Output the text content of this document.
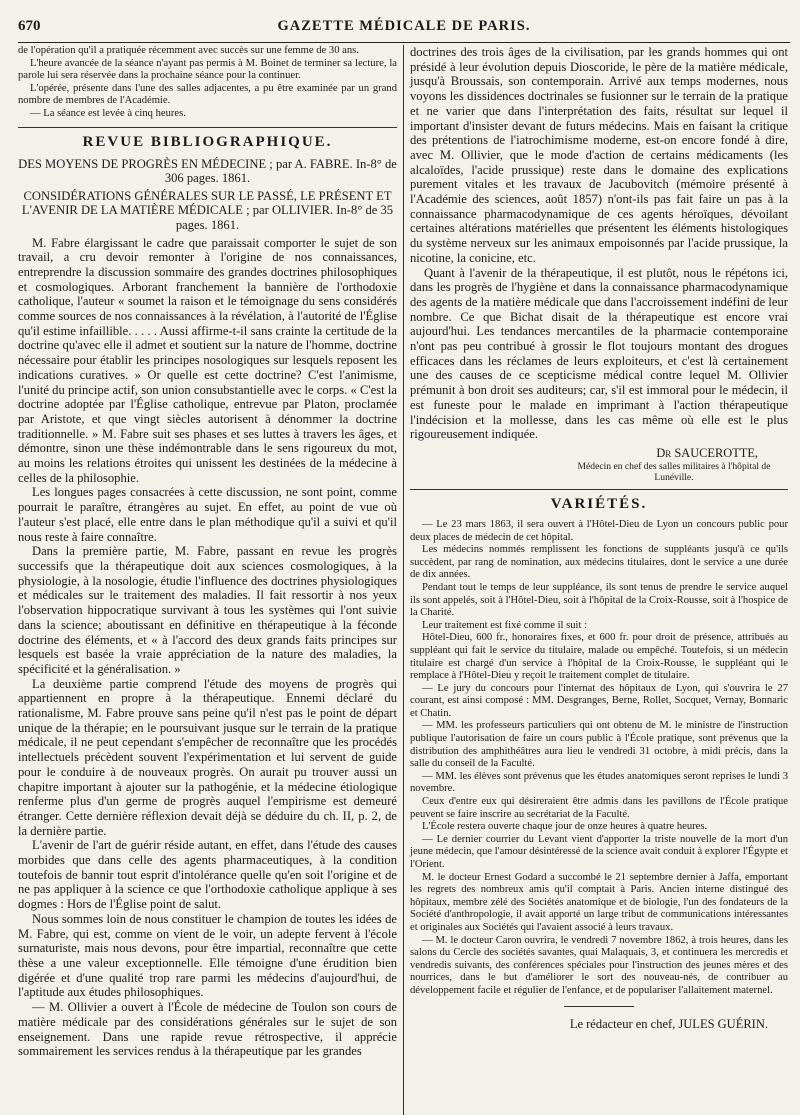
670	GAZETTE MÉDICALE DE PARIS.

de l'opération qu'il a pratiquée récemment avec succès sur une femme de 30 ans.

L'heure avancée de la séance n'ayant pas permis à M. Boinet de terminer sa lecture, la parole lui sera réservée dans la prochaine séance pour la continuer.

L'opérée, présente dans l'une des salles adjacentes, a pu être examinée par un grand nombre de membres de l'Académie.

— La séance est levée à cinq heures.

REVUE BIBLIOGRAPHIQUE.
DES MOYENS DE PROGRÈS EN MÉDECINE ; par A. FABRE. In-8° de 306 pages. 1861.
CONSIDÉRATIONS GÉNÉRALES SUR LE PASSÉ, LE PRÉSENT ET L'AVENIR DE LA MATIÈRE MÉDICALE ; par OLLIVIER. In-8° de 35 pages. 1861.

M. Fabre élargissant le cadre que paraissait comporter le sujet de son travail, a cru devoir remonter à l'origine de nos connaissances, entreprendre la discussion sommaire des grandes doctrines philosophiques et cosmologiques. Arborant franchement la bannière de l'orthodoxie catholique, l'auteur « soumet la raison et le témoignage du sens considérés comme sources de nos connaissances à la révélation, à l'autorité de l'Église qu'il estime infaillible. . . . . Aussi affirme-t-il sans crainte la certitude de la doctrine qu'avec elle il admet et soutient sur la nature de l'homme, doctrine nécessaire pour établir les principes nosologiques sur lesquels reposent les indications curatives. » Or quelle est cette doctrine? C'est l'animisme, l'unité du principe actif, son union consubstantielle avec le corps. « C'est la doctrine adoptée par l'Église catholique, entrevue par Platon, proclamée par Aristote, et que vingt siècles autorisent à dénommer la doctrine traditionnelle. » M. Fabre suit ses phases et ses luttes à travers les âges, et démontre, sinon une thèse indémontrable dans le sens rigoureux du mot, au moins les relations étroites qui unissent les destinées de la médecine à celles de la philosophie.

Les longues pages consacrées à cette discussion, ne sont point, comme pourrait le paraître, étrangères au sujet. En effet, au point de vue où l'auteur s'est placé, elle entre dans le plan méthodique qu'il a suivi et qu'il nous reste à faire connaître.

Dans la première partie, M. Fabre, passant en revue les progrès successifs que la thérapeutique doit aux sciences cosmologiques, à la physiologie, à la nosologie, étudie l'influence des doctrines physiologiques et médicales sur le traitement des maladies. Il fait ressortir à nos yeux l'observation hippocratique survivant à tous les systèmes qui l'ont suivie dans la science; aboutissant en définitive en thérapeutique à la féconde doctrine des éléments, et « à l'accord des deux grands faits principes sur lesquels est basée la vraie appréciation de la nature des maladies, la spécificité et la généralisation. »

La deuxième partie comprend l'étude des moyens de progrès qui appartiennent en propre à la thérapeutique. Ennemi déclaré du rationalisme, M. Fabre prouve sans peine qu'il n'est pas le point de départ unique de la thérapie; en le poursuivant jusque sur le terrain de la pratique médicale, il ne peut cependant s'empêcher de reconnaître que les procédés intellectuels précèdent souvent l'expérimentation et lui servent de guide pour le conduire à de nouveaux progrès. On aurait pu trouver aussi un chapitre important à ajouter sur la pathogénie, et la médecine étiologique renferme plus d'un germe de progrès auquel l'empirisme est demeuré étranger. Cette dernière réflexion devait déjà se déduire du ch. II, p. 2, de la dernière partie.

L'avenir de l'art de guérir réside autant, en effet, dans l'étude des causes morbides que dans celle des agents pharmaceutiques, à la condition toutefois de bannir tout esprit d'intolérance quelle qu'en soit l'origine et de ne pas appliquer à la science ce que l'orthodoxie catholique applique à ses dogmes : Hors de l'Église point de salut.

Nous sommes loin de nous constituer le champion de toutes les idées de M. Fabre, qui est, comme on vient de le voir, un adepte fervent à l'école surnaturiste, mais nous devons, pour être impartial, reconnaître que cette thèse a une valeur exceptionnelle. Elle témoigne d'une érudition bien digérée et d'une qualité trop rare parmi les médecins d'aujourd'hui, de l'aptitude aux études philosophiques.

— M. Ollivier a ouvert à l'École de médecine de Toulon son cours de matière médicale par des considérations générales sur le sujet de son enseignement. Dans une rapide revue rétrospective, il apprécie sommairement les services rendus à la thérapeutique par les grandes

doctrines des trois âges de la civilisation, par les grands hommes qui ont présidé à leur évolution depuis Dioscoride, le père de la matière médicale, jusqu'à Broussais, son contemporain. Arrivé aux temps modernes, nous voyons les dissidences doctrinales se fusionner sur le terrain de la pratique et ne varier que dans l'interprétation des faits, résultat sur lequel il important d'insister devant de futurs médecins. Mais en faisant la critique des prétentions de l'iatrochimisme moderne, est-on encore fondé à dire, avec M. Ollivier, que le mode d'action de certains médicaments (les alcaloïdes, l'acide prussique) reste dans le domaine des explications purement vitales et les travaux de Jacubovitch (mémoire présenté à l'Académie des sciences, août 1857) n'ont-ils pas fait faire un pas à la connaissance pharmacodynamique de ces agents héroïques, dévoilant certaines altérations matérielles que présentent les éléments histologiques du système nerveux sur les animaux empoisonnés par l'acide prussique, la nicotine, la conicine, etc.

Quant à l'avenir de la thérapeutique, il est plutôt, nous le répétons ici, dans les progrès de l'hygiène et dans la connaissance pharmacodynamique des agents de la matière médicale que dans l'accroissement indéfini de leur nombre. Ce que Bichat disait de la thérapeutique est encore vrai aujourd'hui. Les tendances mercantiles de la pharmacie contemporaine n'ont pas peu contribué à grossir le flot toujours montant des drogues efficaces dans les réclames de leurs exploiteurs, et c'est là certainement une des causes de ce scepticisme médical contre lequel M. Ollivier prémunit à bon droit ses auditeurs; car, s'il est immoral pour le médecin, il est funeste pour le malade en imprimant à l'action thérapeutique l'indécision et la mollesse, dans les cas même où elle est le plus rigoureusement indiquée.

Dr SAUCEROTTE,
Médecin en chef des salles militaires à l'hôpital de Lunéville.
VARIÉTÉS.

— Le 23 mars 1863, il sera ouvert à l'Hôtel-Dieu de Lyon un concours public pour deux places de médecin de cet hôpital.

Les médecins nommés remplissent les fonctions de suppléants jusqu'à ce qu'ils succèdent, par rang de nomination, aux médecins titulaires, dont le service a une durée de dix années.

Pendant tout le temps de leur suppléance, ils sont tenus de prendre le service auquel ils sont appelés, soit à l'Hôtel-Dieu, soit à l'hôpital de la Croix-Rousse, soit à l'hospice de la Charité.

Leur traitement est fixé comme il suit :

Hôtel-Dieu, 600 fr., honoraires fixes, et 600 fr. pour droit de présence, attribués au suppléant qui fait le service du titulaire, malade ou empêché. Toutefois, si un médecin titulaire est chargé d'un service à l'hôpital de la Croix-Rousse, le suppléant qui le remplace à l'Hôtel-Dieu y reçoit le traitement complet de titulaire.

— Le jury du concours pour l'internat des hôpitaux de Lyon, qui s'ouvrira le 27 courant, est ainsi composé : MM. Desgranges, Berne, Rollet, Socquet, Vernay, Bonnaric et Chatin.

— MM. les professeurs particuliers qui ont obtenu de M. le ministre de l'instruction publique l'autorisation de faire un cours public à l'École pratique, sont prévenus que la distribution des amphithéâtres aura lieu le vendredi 31 octobre, à midi précis, dans la salle du conseil de la Faculté.

— MM. les élèves sont prévenus que les études anatomiques seront reprises le lundi 3 novembre.

Ceux d'entre eux qui désireraient être admis dans les pavillons de l'École pratique peuvent se faire inscrire au secrétariat de la Faculté.

L'École restera ouverte chaque jour de onze heures à quatre heures.

— Le dernier courrier du Levant vient d'apporter la triste nouvelle de la mort d'un jeune médecin, que l'amour désintéressé de la science avait conduit à explorer l'Égypte et l'Orient.

M. le docteur Ernest Godard a succombé le 21 septembre dernier à Jaffa, emportant les regrets des nombreux amis qu'il comptait à Paris. Ancien interne distingué des hôpitaux, membre zélé des Sociétés anatomique et de biologie, l'un des fondateurs de la Société d'anthropologie, il avait apporté un large tribut de communications intéressantes et originales aux Sociétés qui l'avaient associé à leurs travaux.

— M. le docteur Caron ouvrira, le vendredi 7 novembre 1862, à trois heures, dans les salons du Cercle des sociétés savantes, quai Malaquais, 3, et continuera les mercredis et vendredis suivants, des conférences spéciales pour l'instruction des jeunes mères et des nourrices, dans le but d'améliorer le sort des nouveau-nés, de contribuer au développement facile et régulier de l'enfance, et de populariser l'allaitement maternel.

Le rédacteur en chef, JULES GUÉRIN.
